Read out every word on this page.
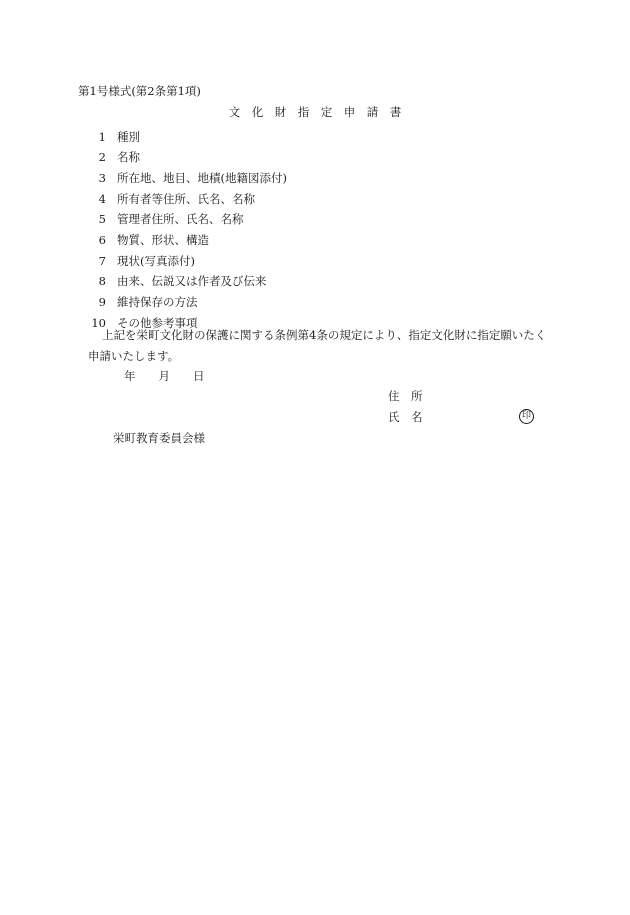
第1号様式(第2条第1項)
文　化　財　指　定　申　請　書
1 種別
2 名称
3 所在地、地目、地積(地籍図添付)
4 所有者等住所、氏名、名称
5 管理者住所、氏名、名称
6 物質、形状、構造
7 現状(写真添付)
8 由来、伝説又は作者及び伝来
9 維持保存の方法
10 その他参考事項
上記を栄町文化財の保護に関する条例第4条の規定により、指定文化財に指定願いたく
申請いたします。
年　　月　　日
住　所
氏　名	印
栄町教育委員会様
